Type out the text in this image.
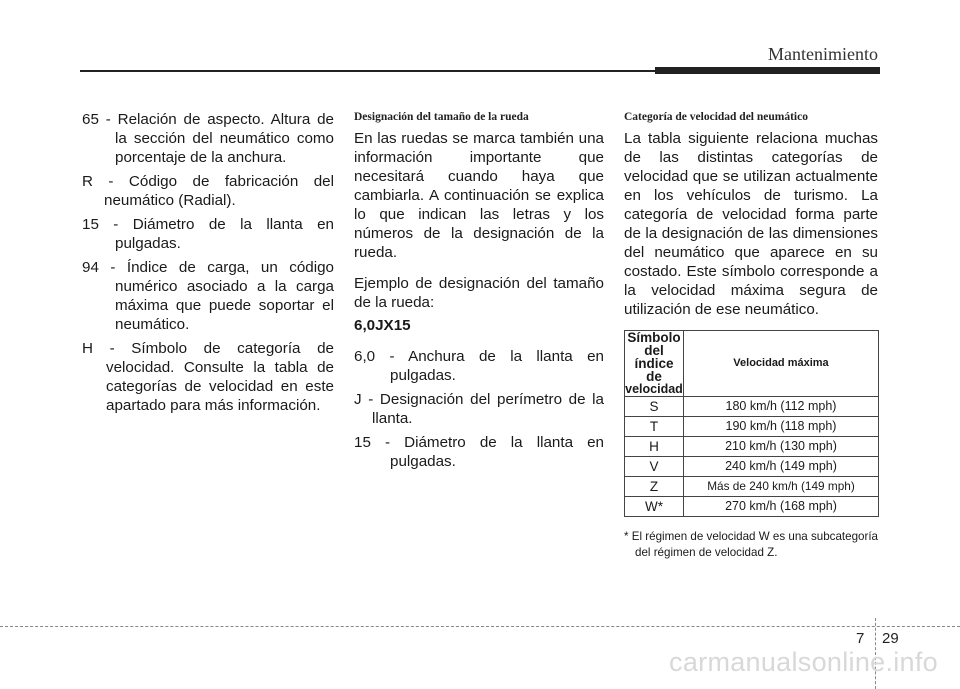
Mantenimiento

65 - Relación de aspecto. Altura de la sección del neumático como porcentaje de la anchura.

R - Código de fabricación del neumático (Radial).

15 - Diámetro de la llanta en pulgadas.

94 - Índice de carga, un código numérico asociado a la carga máxima que puede soportar el neumático.

H - Símbolo de categoría de velocidad. Consulte la tabla de categorías de velocidad en este apartado para más información.

Designación del tamaño de la rueda

En las ruedas se marca también una información importante que necesitará cuando haya que cambiarla. A continuación se explica lo que indican las letras y los números de la designación de la rueda.

Ejemplo de designación del tamaño de la rueda:

6,0JX15

6,0 - Anchura de la llanta en pulgadas.

J - Designación del perímetro de la llanta.

15 - Diámetro de la llanta en pulgadas.

Categoría de velocidad del neumático

La tabla siguiente relaciona muchas de las distintas categorías de velocidad que se utilizan actualmente en los vehículos de turismo. La categoría de velocidad forma parte de la designación de las dimensiones del neumático que aparece en su costado. Este símbolo corresponde a la velocidad máxima segura de utilización de ese neumático.

Símbolo del
índice de
velocidad	Velocidad máxima
S	180 km/h (112 mph)
T	190 km/h (118 mph)
H	210 km/h (130 mph)
V	240 km/h (149 mph)
Z	Más de 240 km/h (149 mph)
W*	270 km/h (168 mph)

* El régimen de velocidad W es una subcategoría del régimen de velocidad Z.

7 29
carmanualsonline.info
